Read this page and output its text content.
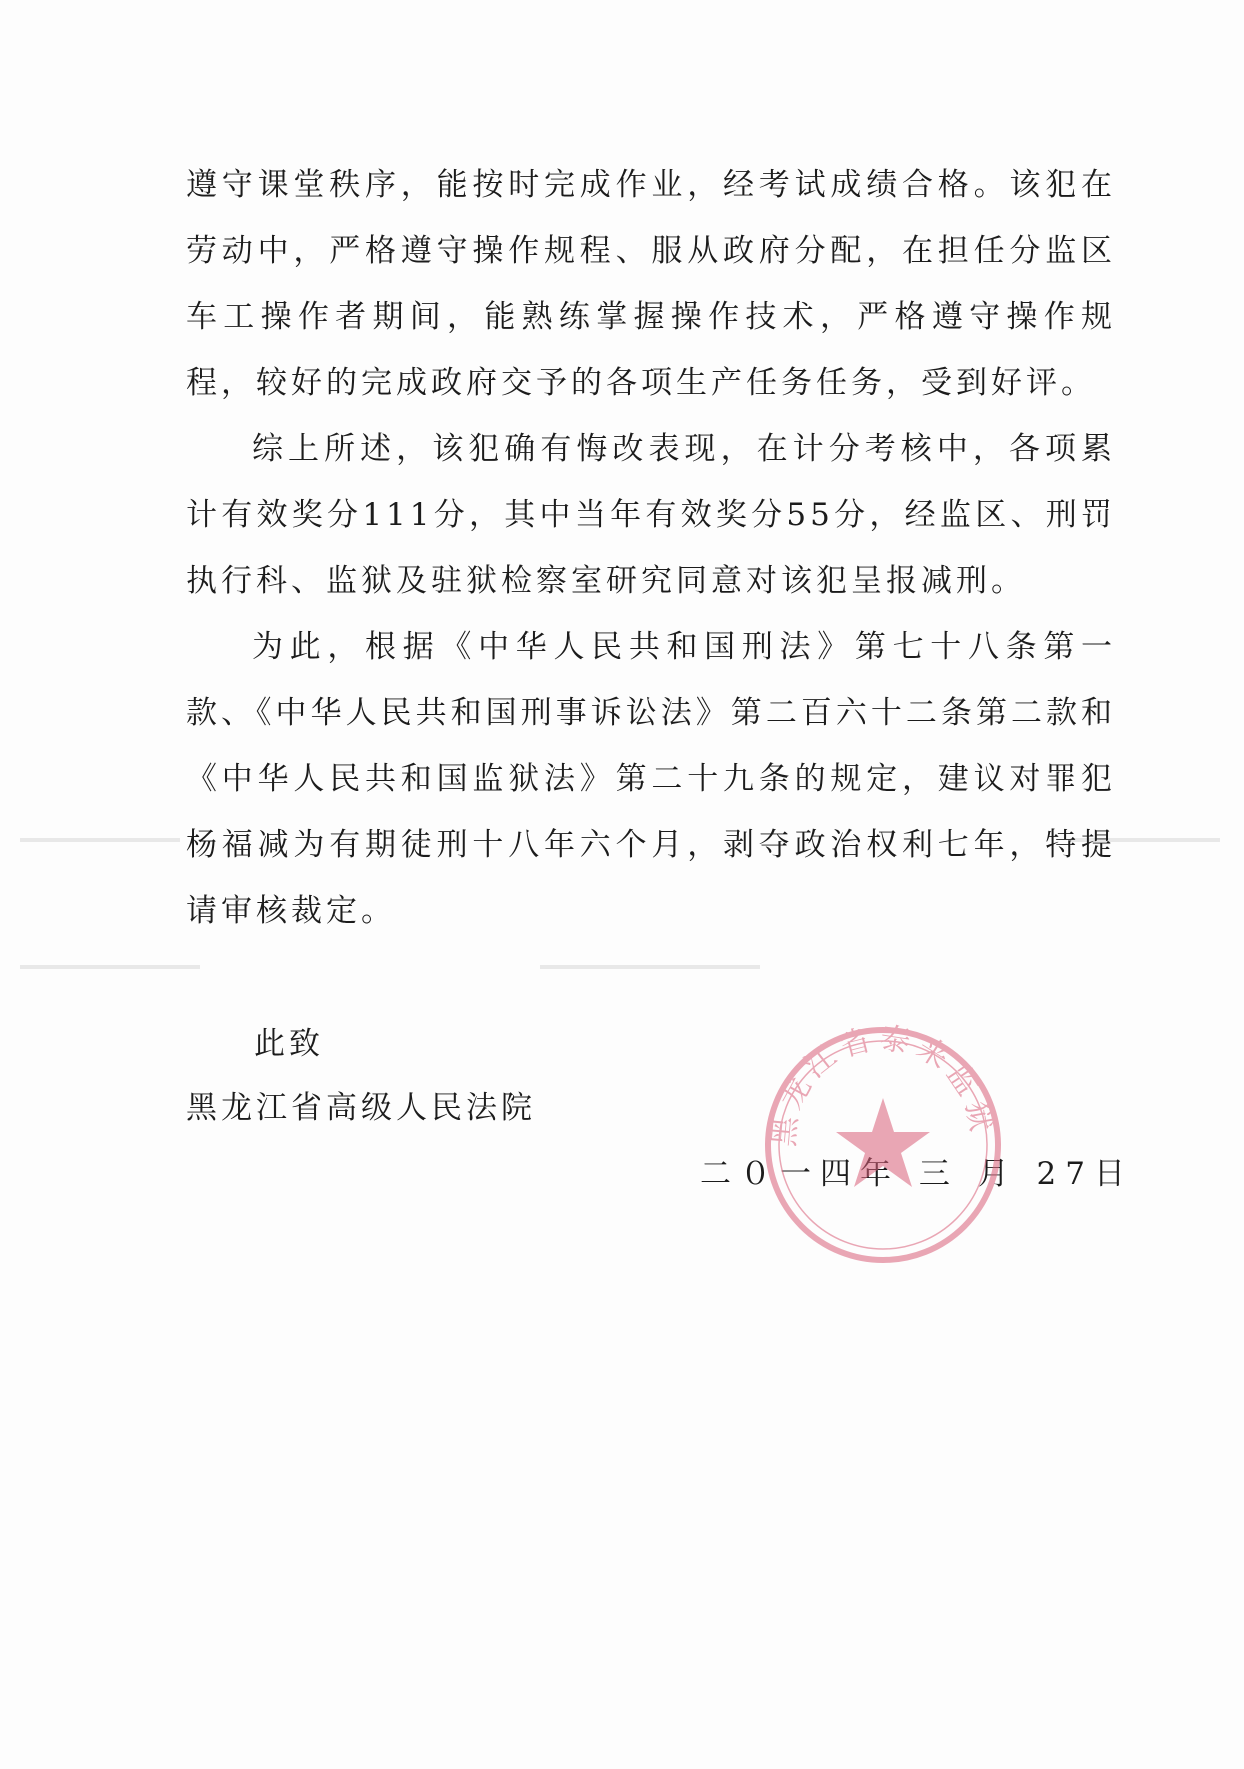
遵守课堂秩序，能按时完成作业，经考试成绩合格。该犯在劳动中，严格遵守操作规程、服从政府分配，在担任分监区车工操作者期间，能熟练掌握操作技术，严格遵守操作规程，较好的完成政府交予的各项生产任务任务，受到好评。

综上所述，该犯确有悔改表现，在计分考核中，各项累计有效奖分111分，其中当年有效奖分55分，经监区、刑罚执行科、监狱及驻狱检察室研究同意对该犯呈报减刑。

为此，根据《中华人民共和国刑法》第七十八条第一款、《中华人民共和国刑事诉讼法》第二百六十二条第二款和《中华人民共和国监狱法》第二十九条的规定，建议对罪犯杨福减为有期徒刑十八年六个月，剥夺政治权利七年，特提请审核裁定。

此致
黑龙江省高级人民法院
二０一四年 三 月 27日
黑龙江省泰来监狱
